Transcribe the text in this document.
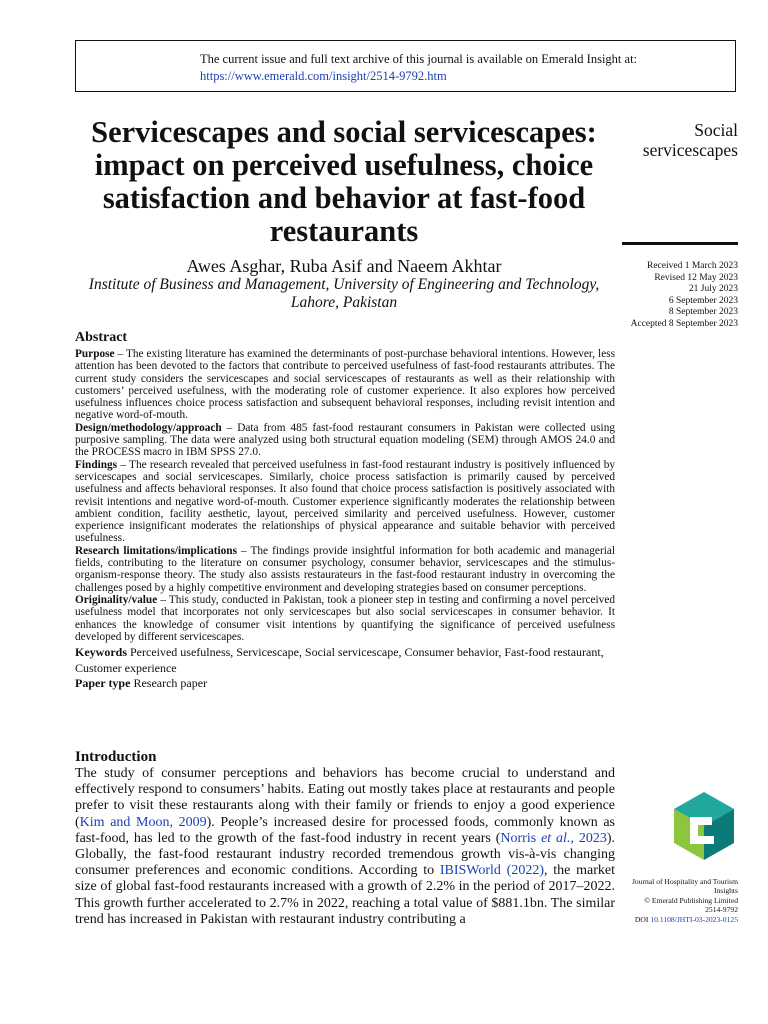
The current issue and full text archive of this journal is available on Emerald Insight at:
https://www.emerald.com/insight/2514-9792.htm
Servicescapes and social servicescapes: impact on perceived usefulness, choice satisfaction and behavior at fast-food restaurants
Social
servicescapes
Awes Asghar, Ruba Asif and Naeem Akhtar
Institute of Business and Management, University of Engineering and Technology,
Lahore, Pakistan
Received 1 March 2023
Revised 12 May 2023
21 July 2023
6 September 2023
8 September 2023
Accepted 8 September 2023
Abstract

Purpose – The existing literature has examined the determinants of post-purchase behavioral intentions. However, less attention has been devoted to the factors that contribute to perceived usefulness of fast-food restaurants attributes. The current study considers the servicescapes and social servicescapes of restaurants as well as their relationship with customers’ perceived usefulness, with the moderating role of customer experience. It also explores how perceived usefulness influences choice process satisfaction and subsequent behavioral responses, including revisit intention and negative word-of-mouth.

Design/methodology/approach – Data from 485 fast-food restaurant consumers in Pakistan were collected using purposive sampling. The data were analyzed using both structural equation modeling (SEM) through AMOS 24.0 and the PROCESS macro in IBM SPSS 27.0.

Findings – The research revealed that perceived usefulness in fast-food restaurant industry is positively influenced by servicescapes and social servicescapes. Similarly, choice process satisfaction is primarily caused by perceived usefulness and affects behavioral responses. It also found that choice process satisfaction is positively associated with revisit intentions and negative word-of-mouth. Customer experience significantly moderates the relationship between ambient condition, facility aesthetic, layout, perceived similarity and perceived usefulness. However, customer experience insignificant moderates the relationships of physical appearance and suitable behavior with perceived usefulness.

Research limitations/implications – The findings provide insightful information for both academic and managerial fields, contributing to the literature on consumer psychology, consumer behavior, servicescapes and the stimulus-organism-response theory. The study also assists restaurateurs in the fast-food restaurant industry in overcoming the challenges posed by a highly competitive environment and developing strategies based on consumer perceptions.

Originality/value – This study, conducted in Pakistan, took a pioneer step in testing and confirming a novel perceived usefulness model that incorporates not only servicescapes but also social servicescapes in consumer behavior. It enhances the knowledge of consumer visit intentions by quantifying the significance of perceived usefulness developed by different servicescapes.

Keywords Perceived usefulness, Servicescape, Social servicescape, Consumer behavior, Fast-food restaurant, Customer experience

Paper type Research paper

Introduction

The study of consumer perceptions and behaviors has become crucial to understand and effectively respond to consumers’ habits. Eating out mostly takes place at restaurants and people prefer to visit these restaurants along with their family or friends to enjoy a good experience (Kim and Moon, 2009). People’s increased desire for processed foods, commonly known as fast-food, has led to the growth of the fast-food industry in recent years (Norris et al., 2023). Globally, the fast-food restaurant industry recorded tremendous growth vis-à-vis changing consumer preferences and economic conditions. According to IBISWorld (2022), the market size of global fast-food restaurants increased with a growth of 2.2% in the period of 2017–2022. This growth further accelerated to 2.7% in 2022, reaching a total value of $881.1bn. The similar trend has increased in Pakistan with restaurant industry contributing a

Journal of Hospitality and Tourism
Insights
© Emerald Publishing Limited
2514-9792
DOI 10.1108/JHTI-03-2023-0125
